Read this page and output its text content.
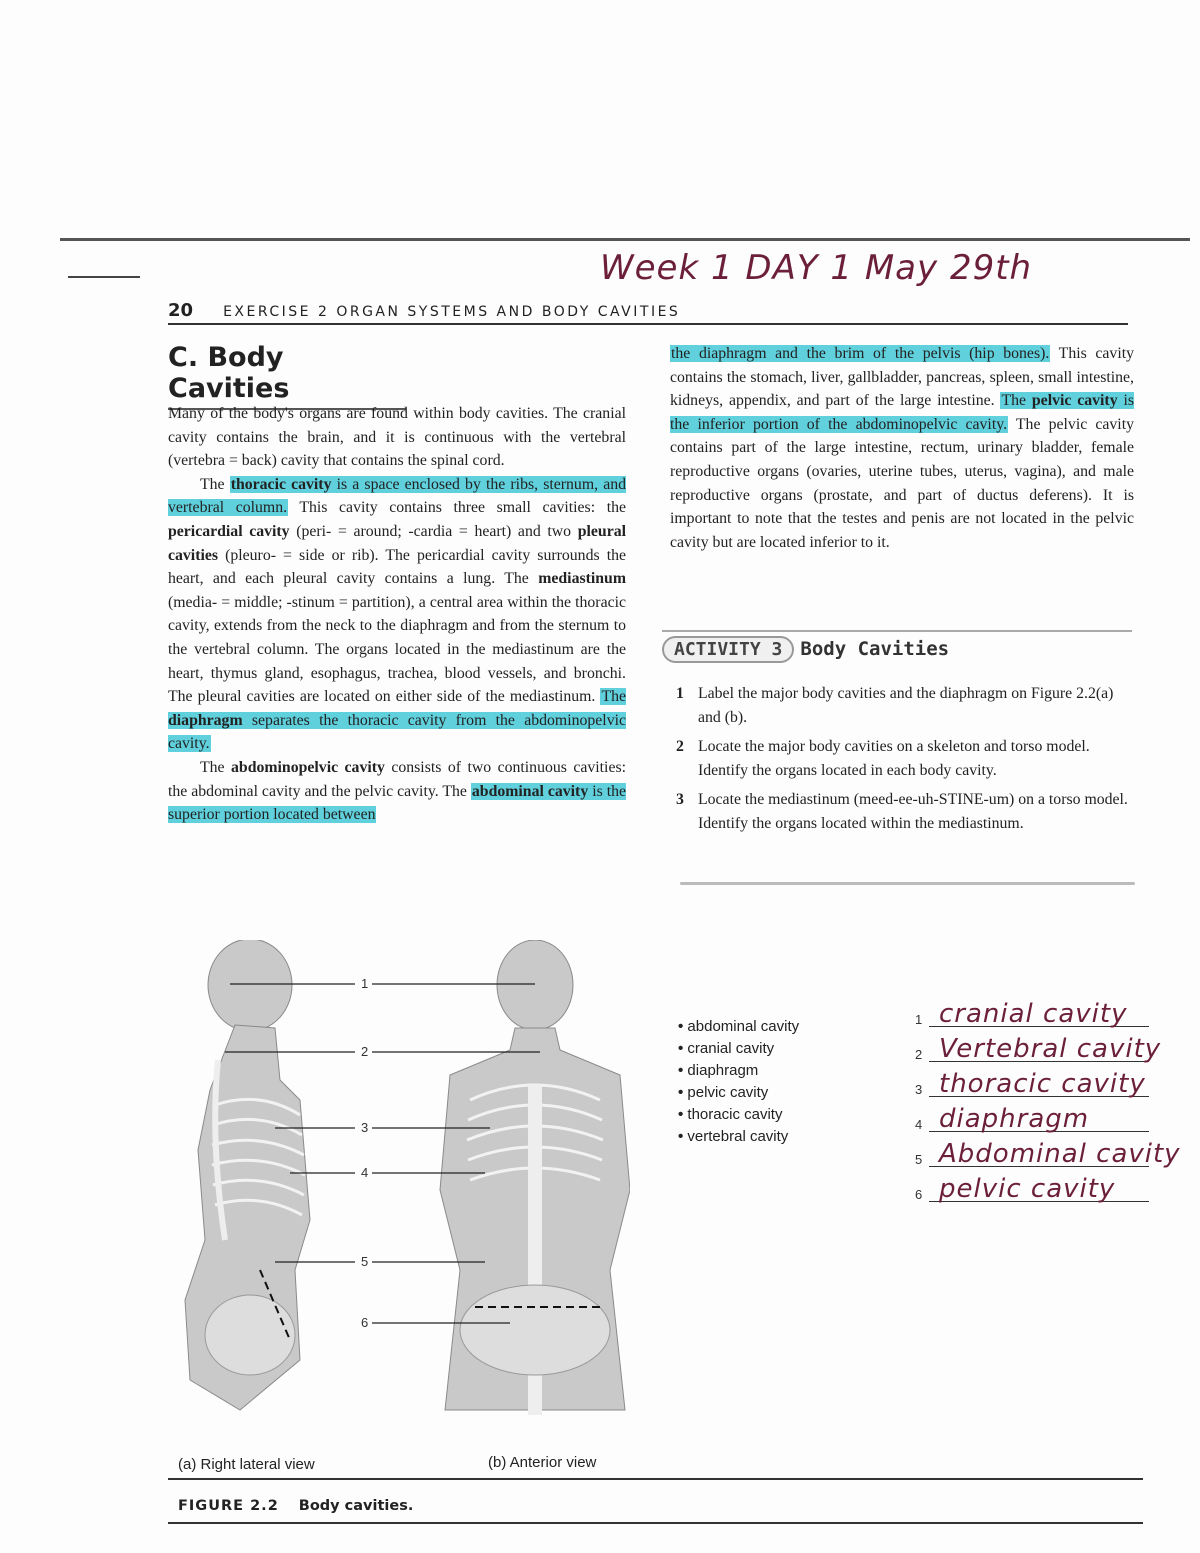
Week 1 DAY 1 May 29th
20 EXERCISE 2 ORGAN SYSTEMS AND BODY CAVITIES
C. Body Cavities

Many of the body's organs are found within body cavities. The cranial cavity contains the brain, and it is continuous with the vertebral (vertebra = back) cavity that contains the spinal cord.

The thoracic cavity is a space enclosed by the ribs, sternum, and vertebral column. This cavity contains three small cavities: the pericardial cavity (peri- = around; -cardia = heart) and two pleural cavities (pleuro- = side or rib). The pericardial cavity surrounds the heart, and each pleural cavity contains a lung. The mediastinum (media- = middle; -stinum = partition), a central area within the thoracic cavity, extends from the neck to the diaphragm and from the sternum to the vertebral column. The organs located in the mediastinum are the heart, thymus gland, esophagus, trachea, blood vessels, and bronchi. The pleural cavities are located on either side of the mediastinum. The diaphragm separates the thoracic cavity from the abdominopelvic cavity.

The abdominopelvic cavity consists of two continuous cavities: the abdominal cavity and the pelvic cavity. The abdominal cavity is the superior portion located between

the diaphragm and the brim of the pelvis (hip bones). This cavity contains the stomach, liver, gallbladder, pancreas, spleen, small intestine, kidneys, appendix, and part of the large intestine. The pelvic cavity is the inferior portion of the abdominopelvic cavity. The pelvic cavity contains part of the large intestine, rectum, urinary bladder, female reproductive organs (ovaries, uterine tubes, uterus, vagina), and male reproductive organs (prostate, and part of ductus deferens). It is important to note that the testes and penis are not located in the pelvic cavity but are located inferior to it.

ACTIVITY 3 Body Cavities
1 Label the major body cavities and the diaphragm on Figure 2.2(a) and (b).
2 Locate the major body cavities on a skeleton and torso model. Identify the organs located in each body cavity.
3 Locate the mediastinum (meed-ee-uh-STINE-um) on a torso model. Identify the organs located within the mediastinum.
1
2
3
4
5
6
• abdominal cavity
• cranial cavity
• diaphragm
• pelvic cavity
• thoracic cavity
• vertebral cavity
1 cranial cavity
2 Vertebral cavity
3 thoracic cavity
4 diaphragm
5 Abdominal cavity
6 pelvic cavity
(a) Right lateral view	(b) Anterior view
FIGURE 2.2 Body cavities.
